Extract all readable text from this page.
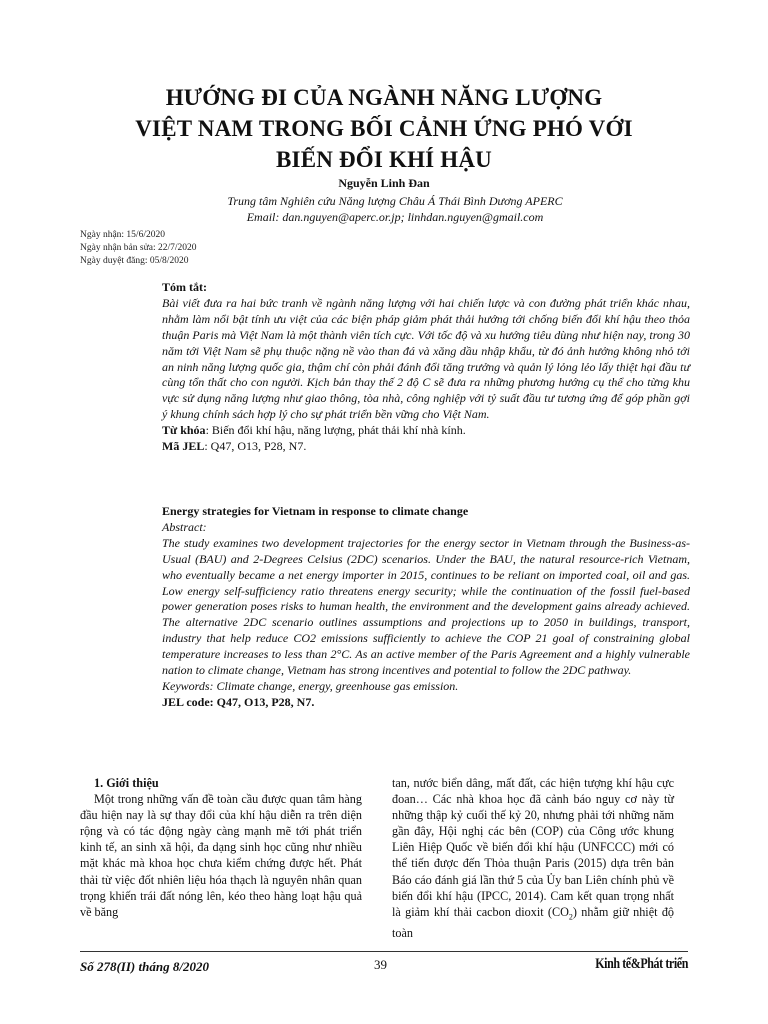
HƯỚNG ĐI CỦA NGÀNH NĂNG LƯỢNG
VIỆT NAM TRONG BỐI CẢNH ỨNG PHÓ VỚI
BIẾN ĐỔI KHÍ HẬU
Nguyễn Linh Đan
Trung tâm Nghiên cứu Năng lượng Châu Á Thái Bình Dương APERC
Email: dan.nguyen@aperc.or.jp; linhdan.nguyen@gmail.com
Ngày nhận: 15/6/2020
Ngày nhận bản sửa: 22/7/2020
Ngày duyệt đăng: 05/8/2020

Tóm tắt:

Bài viết đưa ra hai bức tranh về ngành năng lượng với hai chiến lược và con đường phát triển khác nhau, nhằm làm nổi bật tính ưu việt của các biện pháp giảm phát thải hướng tới chống biến đổi khí hậu theo thỏa thuận Paris mà Việt Nam là một thành viên tích cực. Với tốc độ và xu hướng tiêu dùng như hiện nay, trong 30 năm tới Việt Nam sẽ phụ thuộc nặng nề vào than đá và xăng dầu nhập khẩu, từ đó ảnh hưởng không nhỏ tới an ninh năng lượng quốc gia, thậm chí còn phải đánh đổi tăng trưởng và quản lý lỏng lẻo lấy thiệt hại đầu tư cùng tổn thất cho con người. Kịch bản thay thế 2 độ C sẽ đưa ra những phương hướng cụ thể cho từng khu vực sử dụng năng lượng như giao thông, tòa nhà, công nghiệp với tỷ suất đầu tư tương ứng để góp phần gợi ý khung chính sách hợp lý cho sự phát triển bền vững cho Việt Nam.

Từ khóa: Biến đổi khí hậu, năng lượng, phát thải khí nhà kính.

Mã JEL: Q47, O13, P28, N7.

Energy strategies for Vietnam in response to climate change

Abstract:

The study examines two development trajectories for the energy sector in Vietnam through the Business-as-Usual (BAU) and 2-Degrees Celsius (2DC) scenarios. Under the BAU, the natural resource-rich Vietnam, who eventually became a net energy importer in 2015, continues to be reliant on imported coal, oil and gas. Low energy self-sufficiency ratio threatens energy security; while the continuation of the fossil fuel-based power generation poses risks to human health, the environment and the development gains already achieved. The alternative 2DC scenario outlines assumptions and projections up to 2050 in buildings, transport, industry that help reduce CO2 emissions sufficiently to achieve the COP 21 goal of constraining global temperature increases to less than 2°C. As an active member of the Paris Agreement and a highly vulnerable nation to climate change, Vietnam has strong incentives and potential to follow the 2DC pathway.

Keywords: Climate change, energy, greenhouse gas emission.

JEL code: Q47, O13, P28, N7.

1. Giới thiệu

Một trong những vấn đề toàn cầu được quan tâm hàng đầu hiện nay là sự thay đổi của khí hậu diễn ra trên diện rộng và có tác động ngày càng mạnh mẽ tới phát triển kinh tế, an sinh xã hội, đa dạng sinh học cũng như nhiều mặt khác mà khoa học chưa kiểm chứng được hết. Phát thải từ việc đốt nhiên liệu hóa thạch là nguyên nhân quan trọng khiến trái đất nóng lên, kéo theo hàng loạt hậu quả về băng

tan, nước biển dâng, mất đất, các hiện tượng khí hậu cực đoan… Các nhà khoa học đã cảnh báo nguy cơ này từ những thập kỷ cuối thế kỷ 20, nhưng phải tới những năm gần đây, Hội nghị các bên (COP) của Công ước khung Liên Hiệp Quốc về biến đổi khí hậu (UNFCCC) mới có thể tiến được đến Thỏa thuận Paris (2015) dựa trên bản Báo cáo đánh giá lần thứ 5 của Ủy ban Liên chính phủ về biến đổi khí hậu (IPCC, 2014). Cam kết quan trọng nhất là giảm khí thải cacbon dioxit $(CO_2)$ nhằm giữ nhiệt độ toàn

Số 278(II) tháng 8/2020	39	Kinh tế&Phát triển
